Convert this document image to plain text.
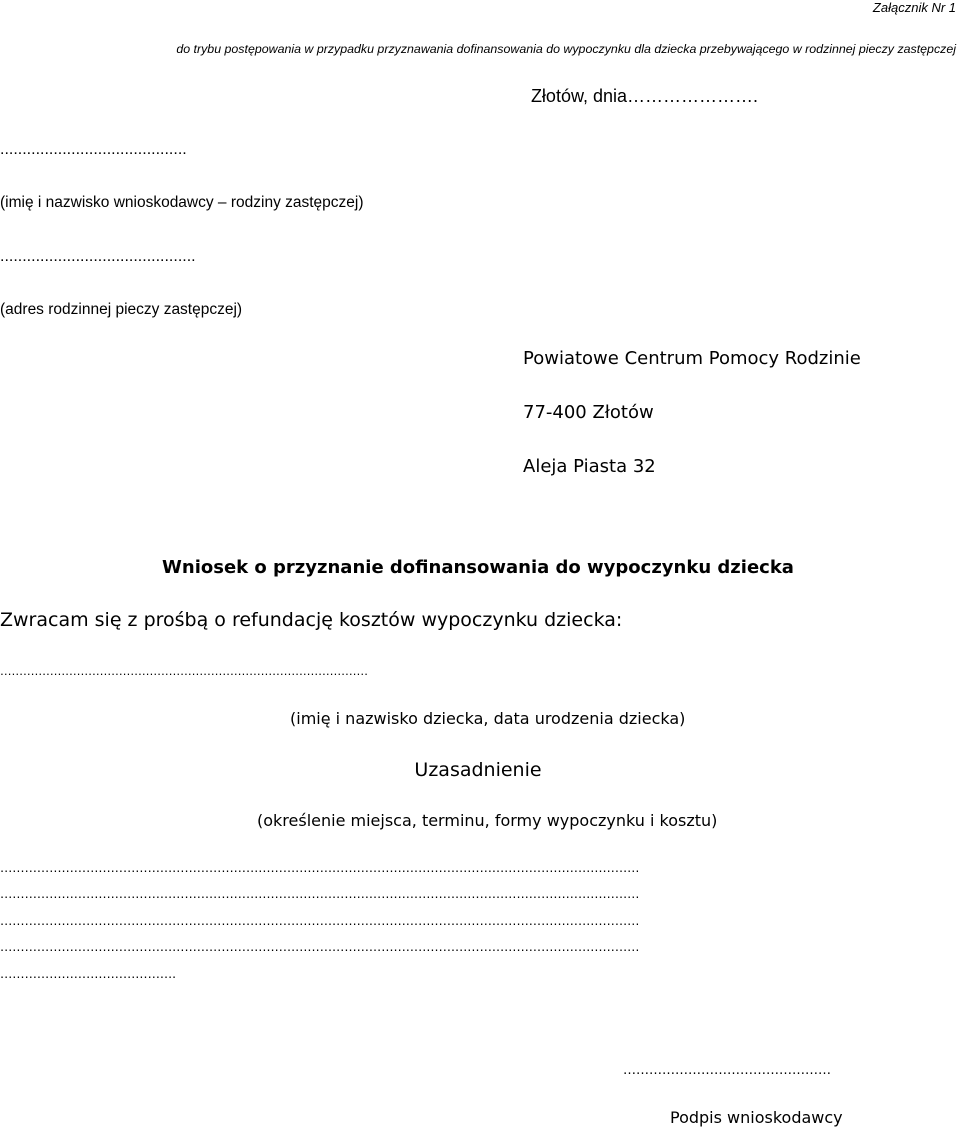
Załącznik Nr 1
do trybu postępowania w przypadku przyznawania dofinansowania do wypoczynku dla dziecka przebywającego w rodzinnej pieczy zastępczej
Złotów, dnia………………….
..........................................
(imię i nazwisko wnioskodawcy – rodziny zastępczej)
............................................
(adres rodzinnej pieczy zastępczej)
Powiatowe Centrum Pomocy Rodzinie
77-400 Złotów
Aleja Piasta 32
Wniosek o przyznanie dofinansowania do wypoczynku dziecka
Zwracam się z prośbą o refundację kosztów wypoczynku dziecka:
……………………………………………………………………………………
(imię i nazwisko dziecka, data urodzenia dziecka)
Uzasadnienie
(określenie miejsca, terminu, formy wypoczynku i kosztu)
…………………………………………………………………………………………………………………………………………
…………………………………………………………………………………………………………………………………………
…………………………………………………………………………………………………………………………………………
…………………………………………………………………………………………………………………………………………
…………………………………….
…………………………………………
Podpis wnioskodawcy
